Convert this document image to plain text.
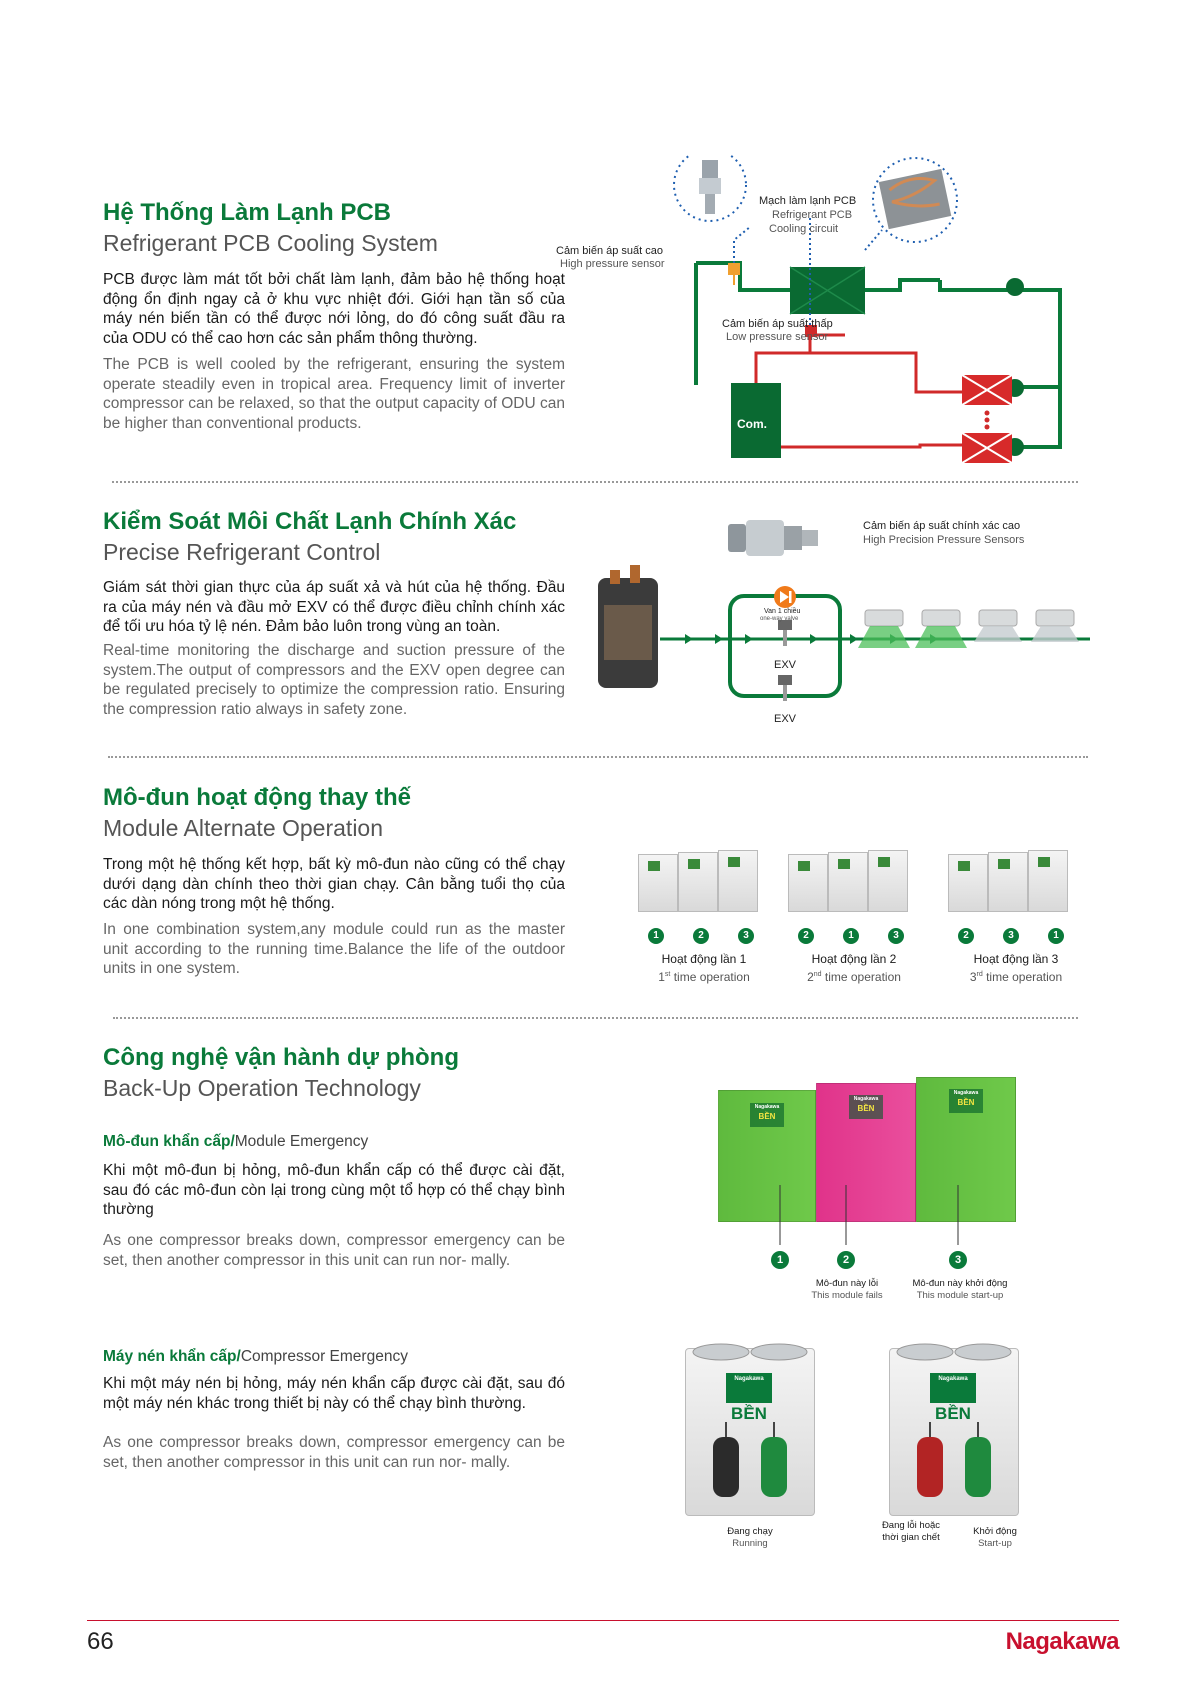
Hệ Thống Làm Lạnh PCB
Refrigerant PCB Cooling System
PCB được làm mát tốt bởi chất làm lạnh, đảm bảo hệ thống hoạt động ổn định ngay cả ở khu vực nhiệt đới. Giới hạn tần số của máy nén biến tần có thể được nới lỏng, do đó công suất đầu ra của ODU có thể cao hơn các sản phẩm thông thường.
The PCB is well cooled by the refrigerant, ensuring the system operate steadily even in tropical area. Frequency limit of inverter compressor can be relaxed, so that the output capacity of ODU can be higher than conventional products.
Mạch làm lạnh PCB
Refrigerant PCB
Cooling circuit
Cảm biến áp suất cao
High pressure sensor
Cảm biến áp suất thấp
Low pressure sensor
Com.
Kiểm Soát Môi Chất Lạnh Chính Xác
Precise Refrigerant Control
Giám sát thời gian thực của áp suất xả và hút của hệ thống. Đầu ra của máy nén và đầu mở EXV có thể được điều chỉnh chính xác để tối ưu hóa tỷ lệ nén. Đảm bảo luôn trong vùng an toàn.
Real-time monitoring the discharge and suction pressure of the system.The output of compressors and the EXV open degree can be regulated precisely to optimize the compression ratio. Ensuring the compression ratio always in safety zone.
Cảm biến áp suất chính xác cao
High Precision Pressure Sensors
Van 1 chiều
one-way valve
EXV
EXV
Mô-đun hoạt động thay thế
Module Alternate Operation
Trong một hệ thống kết hợp, bất kỳ mô-đun nào cũng có thể chạy dưới dạng dàn chính theo thời gian chạy. Cân bằng tuổi thọ của các dàn nóng trong một hệ thống.
In one combination system,any module could run as the master unit according to the running time.Balance the life of the outdoor units in one system.
1	2	3
Hoạt động lần 1
1st time operation
2	1	3
Hoạt động lần 2
2nd time operation
2	3	1
Hoạt động lần 3
3rd time operation
Công nghệ vận hành dự phòng
Back-Up Operation Technology
Mô-đun khẩn cấp/Module Emergency
Khi một mô-đun bị hỏng, mô-đun khẩn cấp có thể được cài đặt, sau đó các mô-đun còn lại trong cùng một tổ hợp có thể chạy bình thường
As one compressor breaks down, compressor emergency can be set, then another compressor in this unit can run nor- mally.
Nagakawa
BỀN
Nagakawa
BỀN
Nagakawa
BỀN
1	2	3
Mô-đun này lỗi
This module fails
Mô-đun này khởi động
This module start-up
Máy nén khẩn cấp/Compressor Emergency
Khi một máy nén bị hỏng, máy nén khẩn cấp được cài đặt, sau đó một máy nén khác trong thiết bị này có thể chạy bình thường.
As one compressor breaks down, compressor emergency can be set, then another compressor in this unit can run nor- mally.
Nagakawa
BỀN
Nagakawa
BỀN
Đang chạy
Running
Đang lỗi hoặc
thời gian chết
Khởi động
Start-up
66	Nagakawa
